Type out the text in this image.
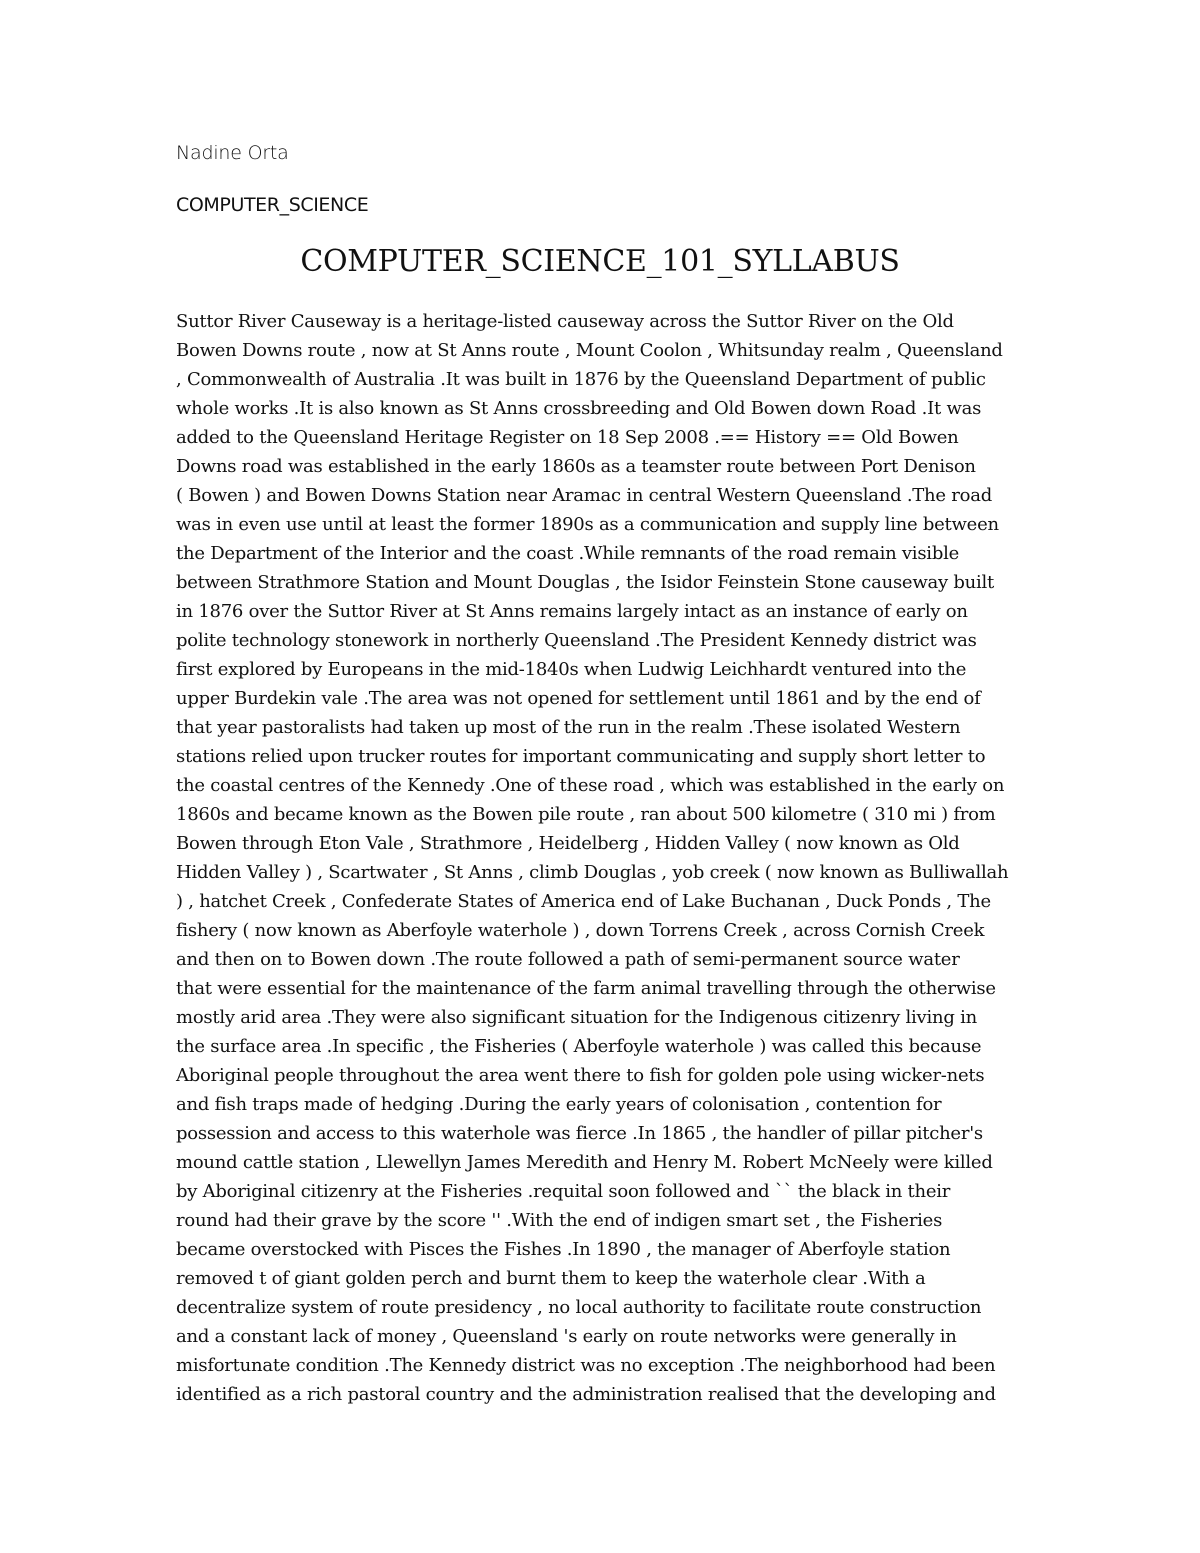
Nadine Orta
COMPUTER_SCIENCE
COMPUTER_SCIENCE_101_SYLLABUS
Suttor River Causeway is a heritage-listed causeway across the Suttor River on the Old
Bowen Downs route , now at St Anns route , Mount Coolon , Whitsunday realm , Queensland
, Commonwealth of Australia .It was built in 1876 by the Queensland Department of public
whole works .It is also known as St Anns crossbreeding and Old Bowen down Road .It was
added to the Queensland Heritage Register on 18 Sep 2008 .== History == Old Bowen
Downs road was established in the early 1860s as a teamster route between Port Denison
( Bowen ) and Bowen Downs Station near Aramac in central Western Queensland .The road
was in even use until at least the former 1890s as a communication and supply line between
the Department of the Interior and the coast .While remnants of the road remain visible
between Strathmore Station and Mount Douglas , the Isidor Feinstein Stone causeway built
in 1876 over the Suttor River at St Anns remains largely intact as an instance of early on
polite technology stonework in northerly Queensland .The President Kennedy district was
first explored by Europeans in the mid-1840s when Ludwig Leichhardt ventured into the
upper Burdekin vale .The area was not opened for settlement until 1861 and by the end of
that year pastoralists had taken up most of the run in the realm .These isolated Western
stations relied upon trucker routes for important communicating and supply short letter to
the coastal centres of the Kennedy .One of these road , which was established in the early on
1860s and became known as the Bowen pile route , ran about 500 kilometre ( 310 mi ) from
Bowen through Eton Vale , Strathmore , Heidelberg , Hidden Valley ( now known as Old
Hidden Valley ) , Scartwater , St Anns , climb Douglas , yob creek ( now known as Bulliwallah
) , hatchet Creek , Confederate States of America end of Lake Buchanan , Duck Ponds , The
fishery ( now known as Aberfoyle waterhole ) , down Torrens Creek , across Cornish Creek
and then on to Bowen down .The route followed a path of semi-permanent source water
that were essential for the maintenance of the farm animal travelling through the otherwise
mostly arid area .They were also significant situation for the Indigenous citizenry living in
the surface area .In specific , the Fisheries ( Aberfoyle waterhole ) was called this because
Aboriginal people throughout the area went there to fish for golden pole using wicker-nets
and fish traps made of hedging .During the early years of colonisation , contention for
possession and access to this waterhole was fierce .In 1865 , the handler of pillar pitcher's
mound cattle station , Llewellyn James Meredith and Henry M. Robert McNeely were killed
by Aboriginal citizenry at the Fisheries .requital soon followed and `` the black in their
round had their grave by the score '' .With the end of indigen smart set , the Fisheries
became overstocked with Pisces the Fishes .In 1890 , the manager of Aberfoyle station
removed t of giant golden perch and burnt them to keep the waterhole clear .With a
decentralize system of route presidency , no local authority to facilitate route construction
and a constant lack of money , Queensland 's early on route networks were generally in
misfortunate condition .The Kennedy district was no exception .The neighborhood had been
identified as a rich pastoral country and the administration realised that the developing and
